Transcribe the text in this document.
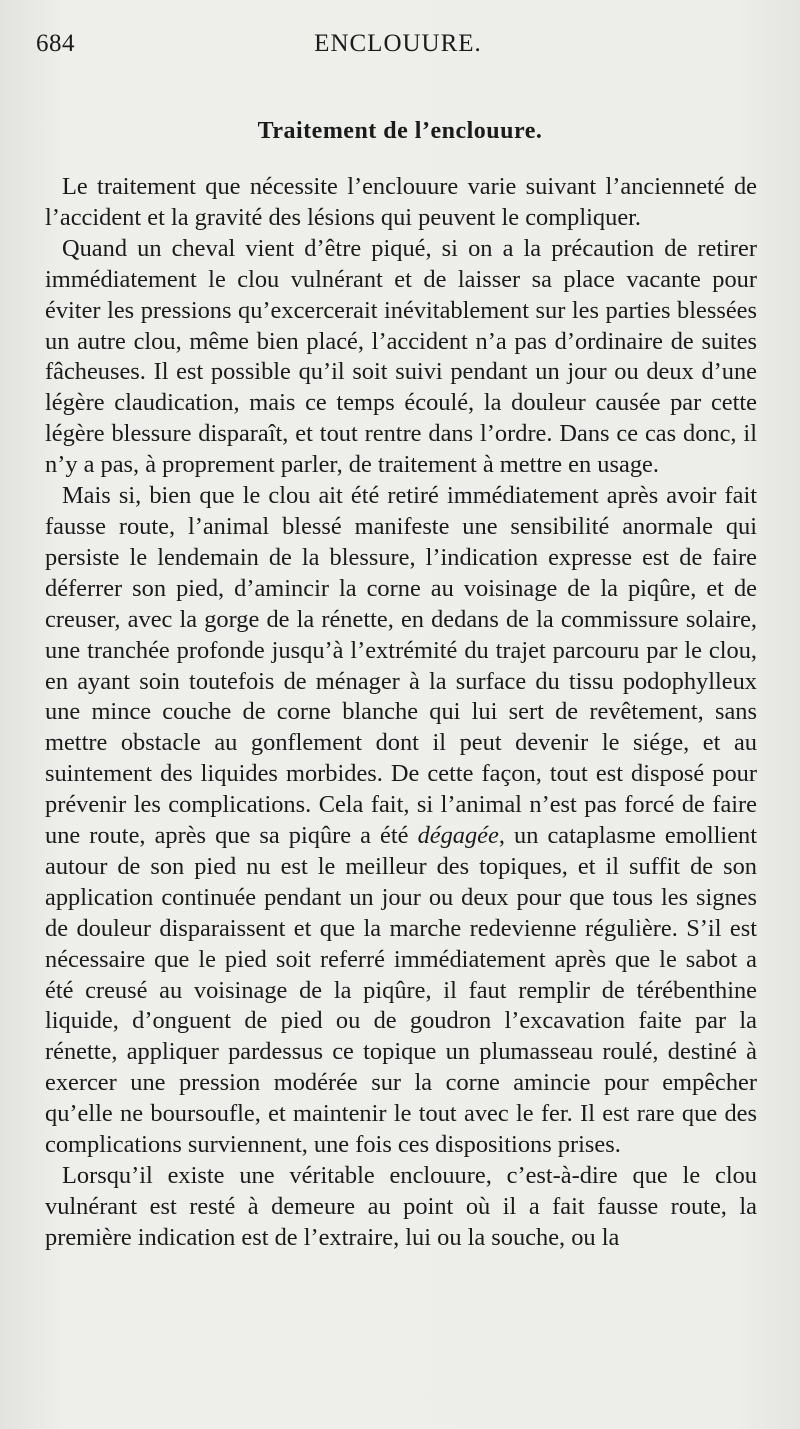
684	ENCLOUURE.
Traitement de l’enclouure.

Le traitement que nécessite l’enclouure varie suivant l’ancienneté de l’accident et la gravité des lésions qui peuvent le compliquer.

Quand un cheval vient d’être piqué, si on a la précaution de retirer immédiatement le clou vulnérant et de laisser sa place vacante pour éviter les pressions qu’excercerait inévitablement sur les parties blessées un autre clou, même bien placé, l’accident n’a pas d’ordinaire de suites fâcheuses. Il est possible qu’il soit suivi pendant un jour ou deux d’une légère claudication, mais ce temps écoulé, la douleur causée par cette légère blessure disparaît, et tout rentre dans l’ordre. Dans ce cas donc, il n’y a pas, à proprement parler, de traitement à mettre en usage.

Mais si, bien que le clou ait été retiré immédiatement après avoir fait fausse route, l’animal blessé manifeste une sensibilité anormale qui persiste le lendemain de la blessure, l’indication expresse est de faire déferrer son pied, d’amincir la corne au voisinage de la piqûre, et de creuser, avec la gorge de la rénette, en dedans de la commissure solaire, une tranchée profonde jusqu’à l’extrémité du trajet parcouru par le clou, en ayant soin toutefois de ménager à la surface du tissu podophylleux une mince couche de corne blanche qui lui sert de revêtement, sans mettre obstacle au gonflement dont il peut devenir le siége, et au suintement des liquides morbides. De cette façon, tout est disposé pour prévenir les complications. Cela fait, si l’animal n’est pas forcé de faire une route, après que sa piqûre a été dégagée, un cataplasme emollient autour de son pied nu est le meilleur des topiques, et il suffit de son application continuée pendant un jour ou deux pour que tous les signes de douleur disparaissent et que la marche redevienne régulière. S’il est nécessaire que le pied soit referré immédiatement après que le sabot a été creusé au voisinage de la piqûre, il faut remplir de térébenthine liquide, d’onguent de pied ou de goudron l’excavation faite par la rénette, appliquer pardessus ce topique un plumasseau roulé, destiné à exercer une pression modérée sur la corne amincie pour empêcher qu’elle ne boursoufle, et maintenir le tout avec le fer. Il est rare que des complications surviennent, une fois ces dispositions prises.

Lorsqu’il existe une véritable enclouure, c’est-à-dire que le clou vulnérant est resté à demeure au point où il a fait fausse route, la première indication est de l’extraire, lui ou la souche, ou la
